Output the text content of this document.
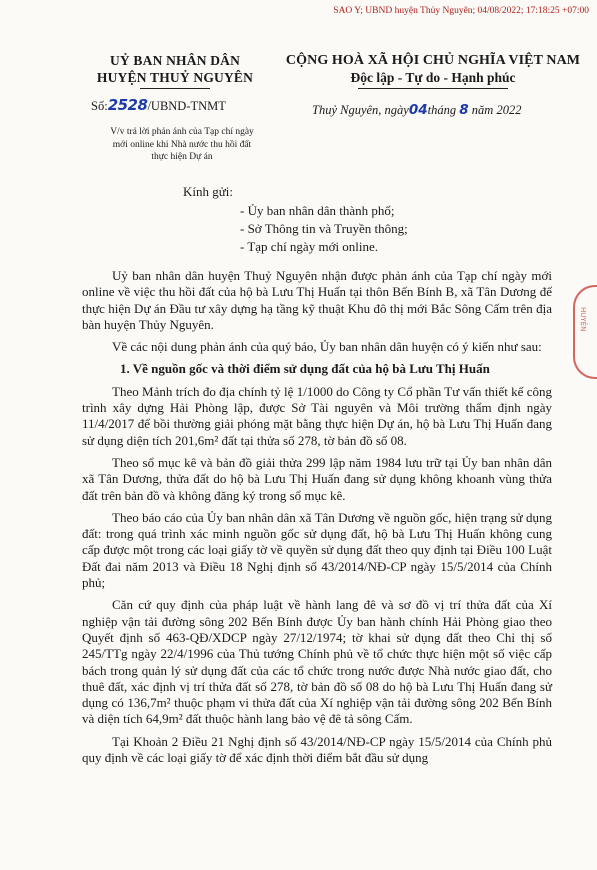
SAO Y; UBND huyện Thủy Nguyên; 04/08/2022; 17:18:25 +07:00
UỶ BAN NHÂN DÂN
HUYỆN THUỶ NGUYÊN
Số:2528/UBND-TNMT
V/v trả lời phản ánh của Tạp chí ngày
mới online khi Nhà nước thu hồi đất
thực hiện Dự án
CỘNG HOÀ XÃ HỘI CHỦ NGHĨA VIỆT NAM
Độc lập - Tự do - Hạnh phúc
Thuỷ Nguyên, ngày04tháng 8 năm 2022
Kính gửi:
- Ủy ban nhân dân thành phố;
- Sở Thông tin và Truyền thông;
- Tạp chí ngày mới online.

Uỷ ban nhân dân huyện Thuỷ Nguyên nhận được phản ánh của Tạp chí ngày mới online về việc thu hồi đất của hộ bà Lưu Thị Huấn tại thôn Bến Bính B, xã Tân Dương để thực hiện Dự án Đầu tư xây dựng hạ tầng kỹ thuật Khu đô thị mới Bắc Sông Cấm trên địa bàn huyện Thủy Nguyên.

Về các nội dung phản ánh của quý báo, Ủy ban nhân dân huyện có ý kiến như sau:

1. Về nguồn gốc và thời điểm sử dụng đất của hộ bà Lưu Thị Huấn

Theo Mảnh trích đo địa chính tỷ lệ 1/1000 do Công ty Cổ phần Tư vấn thiết kế công trình xây dựng Hải Phòng lập, được Sở Tài nguyên và Môi trường thẩm định ngày 11/4/2017 để bồi thường giải phóng mặt bằng thực hiện Dự án, hộ bà Lưu Thị Huấn đang sử dụng diện tích 201,6m² đất tại thửa số 278, tờ bản đồ số 08.

Theo sổ mục kê và bản đồ giải thửa 299 lập năm 1984 lưu trữ tại Ủy ban nhân dân xã Tân Dương, thửa đất do hộ bà Lưu Thị Huấn đang sử dụng không khoanh vùng thửa đất trên bản đồ và không đăng ký trong sổ mục kê.

Theo báo cáo của Ủy ban nhân dân xã Tân Dương về nguồn gốc, hiện trạng sử dụng đất: trong quá trình xác minh nguồn gốc sử dụng đất, hộ bà Lưu Thị Huấn không cung cấp được một trong các loại giấy tờ về quyền sử dụng đất theo quy định tại Điều 100 Luật Đất đai năm 2013 và Điều 18 Nghị định số 43/2014/NĐ-CP ngày 15/5/2014 của Chính phủ;

Căn cứ quy định của pháp luật về hành lang đê và sơ đồ vị trí thửa đất của Xí nghiệp vận tải đường sông 202 Bến Bính được Ủy ban hành chính Hải Phòng giao theo Quyết định số 463-QĐ/XDCP ngày 27/12/1974; tờ khai sử dụng đất theo Chỉ thị số 245/TTg ngày 22/4/1996 của Thủ tướng Chính phủ về tổ chức thực hiện một số việc cấp bách trong quản lý sử dụng đất của các tổ chức trong nước được Nhà nước giao đất, cho thuê đất, xác định vị trí thửa đất số 278, tờ bản đồ số 08 do hộ bà Lưu Thị Huấn đang sử dụng có 136,7m² thuộc phạm vi thửa đất của Xí nghiệp vận tải đường sông 202 Bến Bính và diện tích 64,9m² đất thuộc hành lang bảo vệ đê tả sông Cấm.

Tại Khoản 2 Điều 21 Nghị định số 43/2014/NĐ-CP ngày 15/5/2014 của Chính phủ quy định về các loại giấy tờ để xác định thời điểm bắt đầu sử dụng

HUYỆN
